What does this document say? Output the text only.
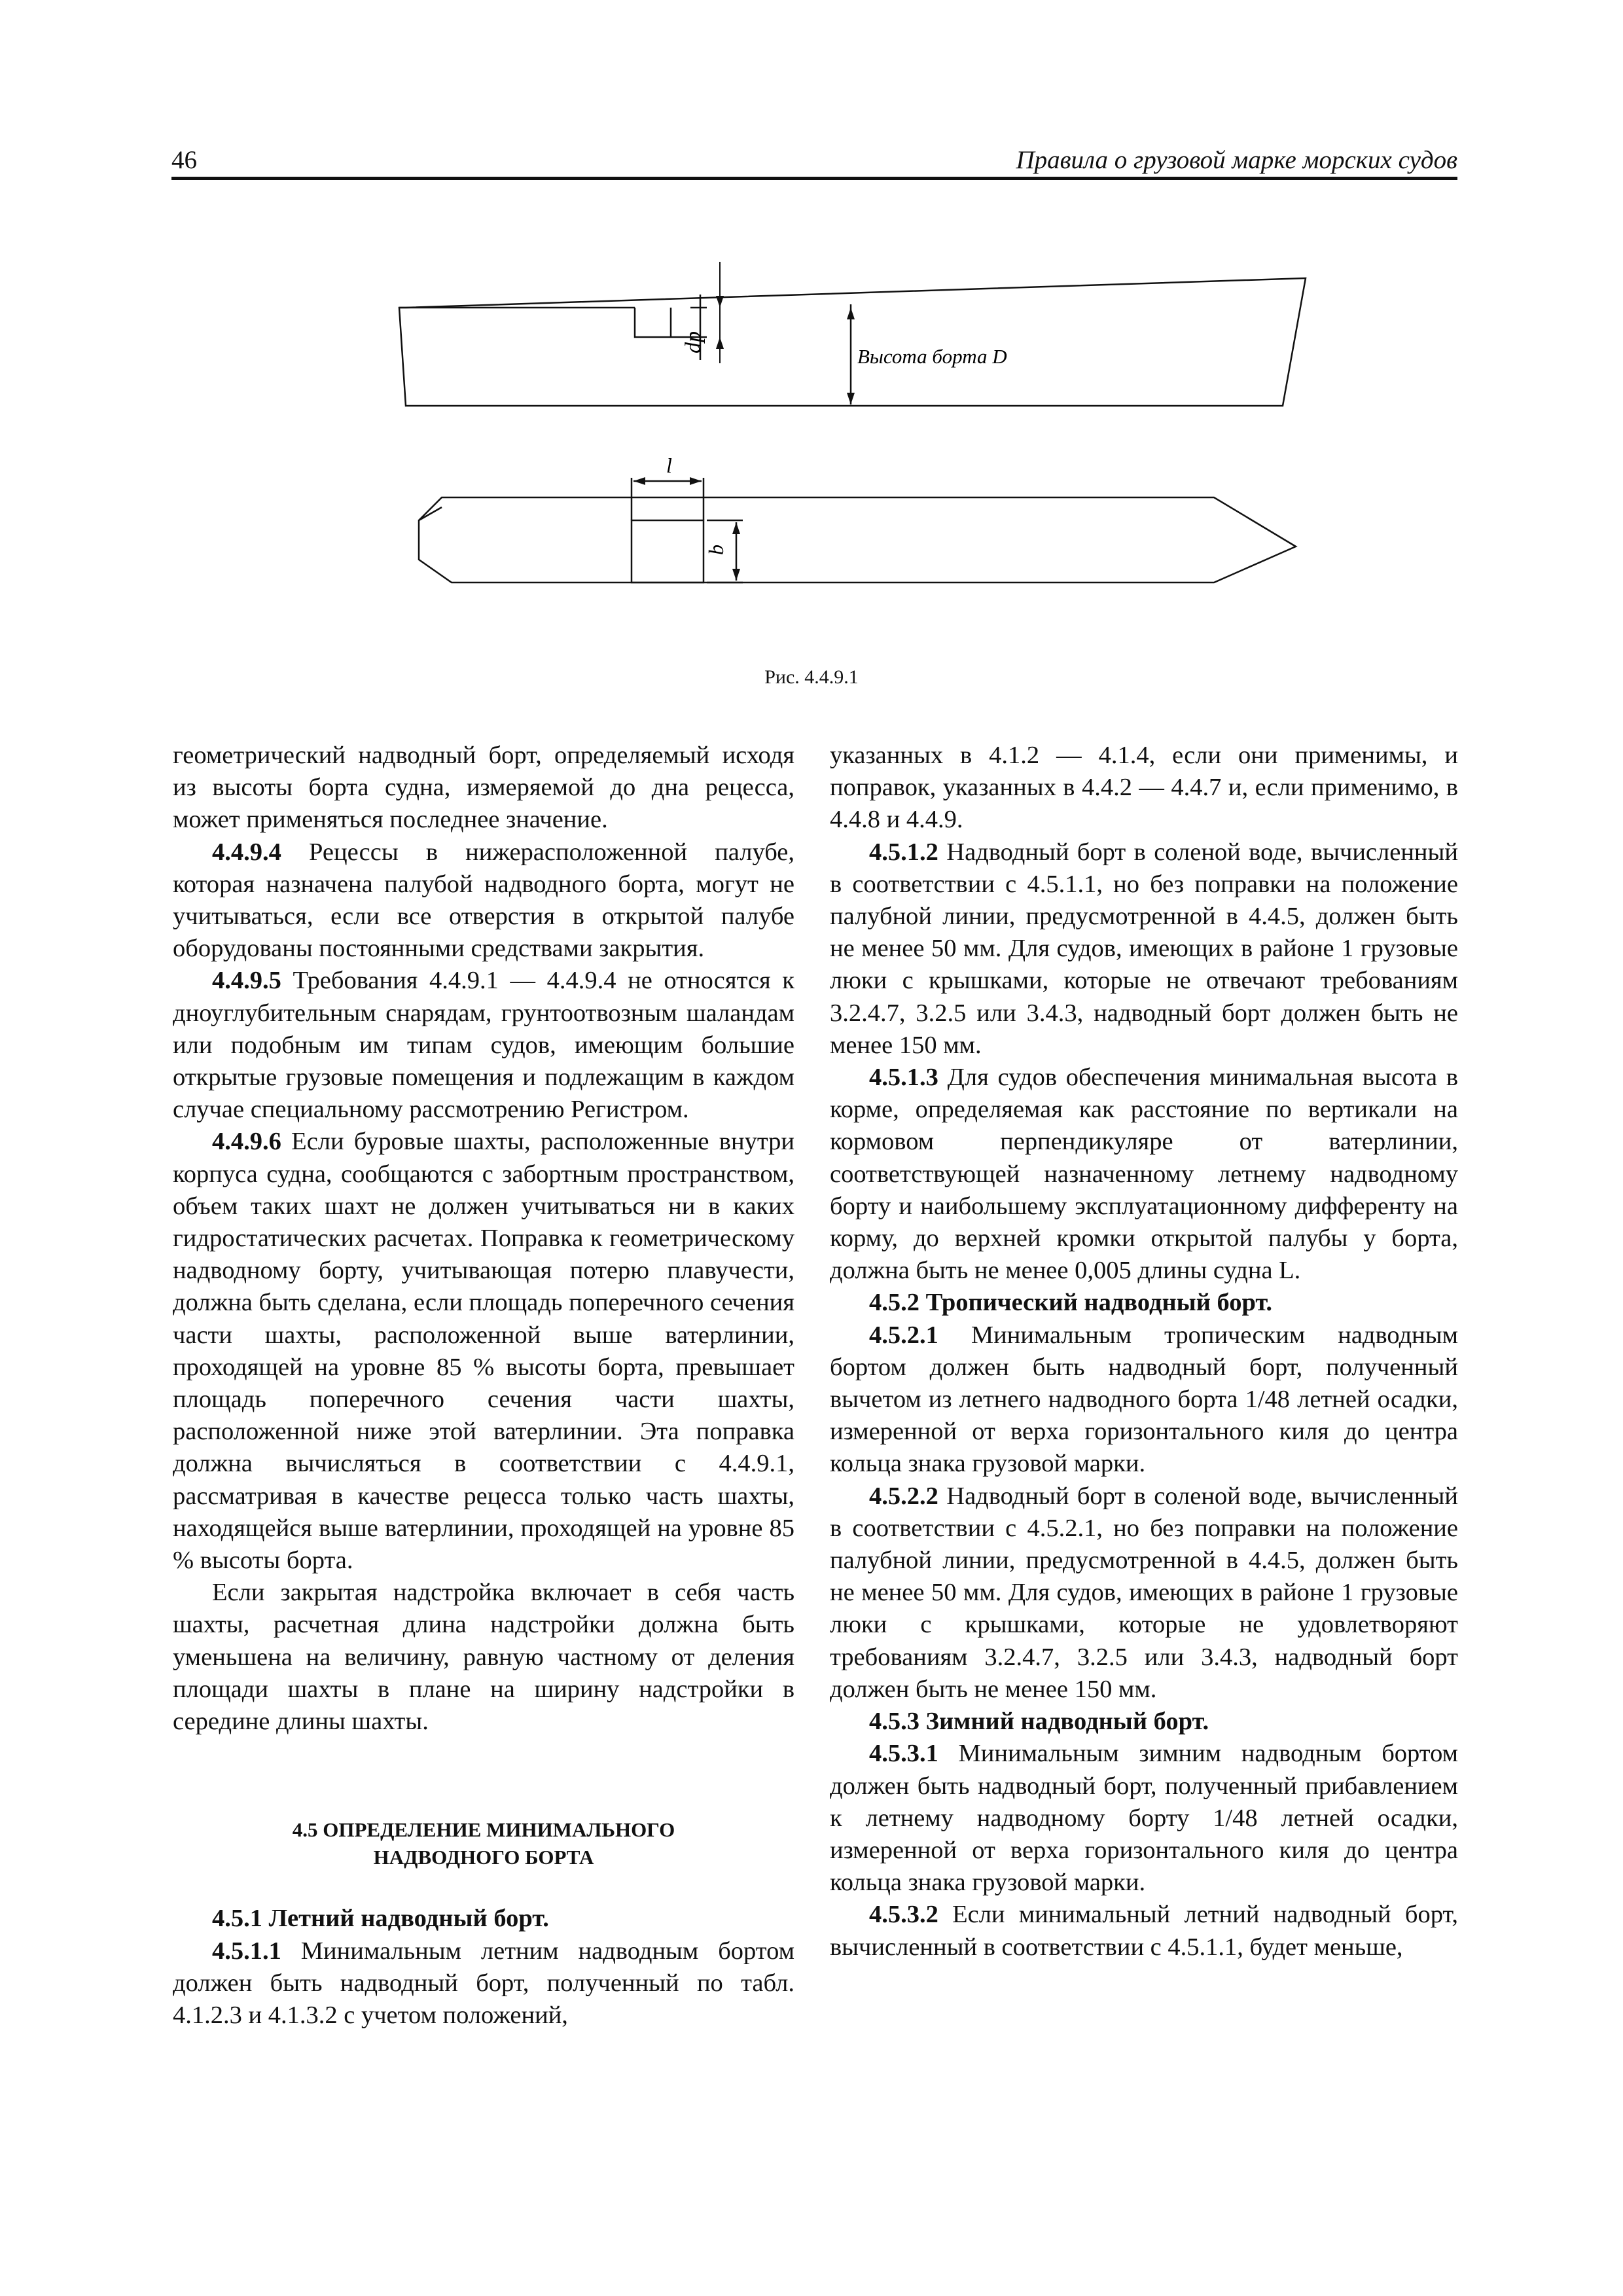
46	Правила о грузовой марке морских судов
dp
Высота борта D
l
b
Рис. 4.4.9.1

геометрический надводный борт, определяемый исходя из высоты борта судна, измеряемой до дна рецесса, может применяться последнее значение.

4.4.9.4 Рецессы в нижерасположенной палубе, которая назначена палубой надводного борта, могут не учитываться, если все отверстия в открытой палубе оборудованы постоянными средствами закрытия.

4.4.9.5 Требования 4.4.9.1 — 4.4.9.4 не относятся к дноуглубительным снарядам, грунтоотвозным шаландам или подобным им типам судов, имеющим большие открытые грузовые помещения и подлежащим в каждом случае специальному рассмотрению Регистром.

4.4.9.6 Если буровые шахты, расположенные внутри корпуса судна, сообщаются с забортным пространством, объем таких шахт не должен учитываться ни в каких гидростатических расчетах. Поправка к геометрическому надводному борту, учитывающая потерю плавучести, должна быть сделана, если площадь поперечного сечения части шахты, расположенной выше ватерлинии, проходящей на уровне 85 % высоты борта, превышает площадь поперечного сечения части шахты, расположенной ниже этой ватерлинии. Эта поправка должна вычисляться в соответствии с 4.4.9.1, рассматривая в качестве рецесса только часть шахты, находящейся выше ватерлинии, проходящей на уровне 85 % высоты борта.

Если закрытая надстройка включает в себя часть шахты, расчетная длина надстройки должна быть уменьшена на величину, равную частному от деления площади шахты в плане на ширину надстройки в середине длины шахты.

4.5 ОПРЕДЕЛЕНИЕ МИНИМАЛЬНОГО
НАДВОДНОГО БОРТА

4.5.1 Летний надводный борт.

4.5.1.1 Минимальным летним надводным бортом должен быть надводный борт, полученный по табл. 4.1.2.3 и 4.1.3.2 с учетом положений,

указанных в 4.1.2 — 4.1.4, если они применимы, и поправок, указанных в 4.4.2 — 4.4.7 и, если применимо, в 4.4.8 и 4.4.9.

4.5.1.2 Надводный борт в соленой воде, вычисленный в соответствии с 4.5.1.1, но без поправки на положение палубной линии, предусмотренной в 4.4.5, должен быть не менее 50 мм. Для судов, имеющих в районе 1 грузовые люки с крышками, которые не отвечают требованиям 3.2.4.7, 3.2.5 или 3.4.3, надводный борт должен быть не менее 150 мм.

4.5.1.3 Для судов обеспечения минимальная высота в корме, определяемая как расстояние по вертикали на кормовом перпендикуляре от ватерлинии, соответствующей назначенному летнему надводному борту и наибольшему эксплуатационному дифференту на корму, до верхней кромки открытой палубы у борта, должна быть не менее 0,005 длины судна L.

4.5.2 Тропический надводный борт.

4.5.2.1 Минимальным тропическим надводным бортом должен быть надводный борт, полученный вычетом из летнего надводного борта 1/48 летней осадки, измеренной от верха горизонтального киля до центра кольца знака грузовой марки.

4.5.2.2 Надводный борт в соленой воде, вычисленный в соответствии с 4.5.2.1, но без поправки на положение палубной линии, предусмотренной в 4.4.5, должен быть не менее 50 мм. Для судов, имеющих в районе 1 грузовые люки с крышками, которые не удовлетворяют требованиям 3.2.4.7, 3.2.5 или 3.4.3, надводный борт должен быть не менее 150 мм.

4.5.3 Зимний надводный борт.

4.5.3.1 Минимальным зимним надводным бортом должен быть надводный борт, полученный прибавлением к летнему надводному борту 1/48 летней осадки, измеренной от верха горизонтального киля до центра кольца знака грузовой марки.

4.5.3.2 Если минимальный летний надводный борт, вычисленный в соответствии с 4.5.1.1, будет меньше,
